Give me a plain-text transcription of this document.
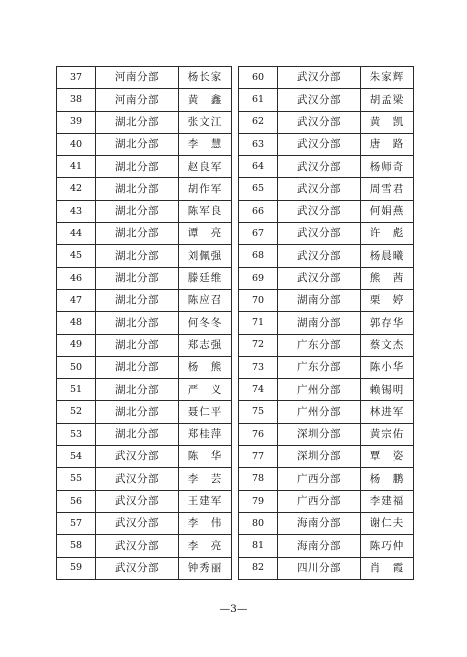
37	河南分部	杨长家
38	河南分部	黄　鑫
39	湖北分部	张文江
40	湖北分部	李　慧
41	湖北分部	赵良军
42	湖北分部	胡作军
43	湖北分部	陈军良
44	湖北分部	谭　亮
45	湖北分部	刘佩强
46	湖北分部	滕廷维
47	湖北分部	陈应召
48	湖北分部	何冬冬
49	湖北分部	郑志强
50	湖北分部	杨　熊
51	湖北分部	严　义
52	湖北分部	聂仁平
53	湖北分部	郑桂萍
54	武汉分部	陈　华
55	武汉分部	李　芸
56	武汉分部	王建军
57	武汉分部	李　伟
58	武汉分部	李　亮
59	武汉分部	钟秀丽
60	武汉分部	朱家辉
61	武汉分部	胡孟梁
62	武汉分部	黄　凯
63	武汉分部	唐　路
64	武汉分部	杨师奇
65	武汉分部	周雪君
66	武汉分部	何娟燕
67	武汉分部	许　彪
68	武汉分部	杨晨曦
69	武汉分部	熊　茜
70	湖南分部	栗　婷
71	湖南分部	郭存华
72	广东分部	蔡文杰
73	广东分部	陈小华
74	广州分部	赖锡明
75	广州分部	林进军
76	深圳分部	黄宗佑
77	深圳分部	覃　姿
78	广西分部	杨　鹏
79	广西分部	李建福
80	海南分部	谢仁夫
81	海南分部	陈巧仲
82	四川分部	肖　霞
—3—
